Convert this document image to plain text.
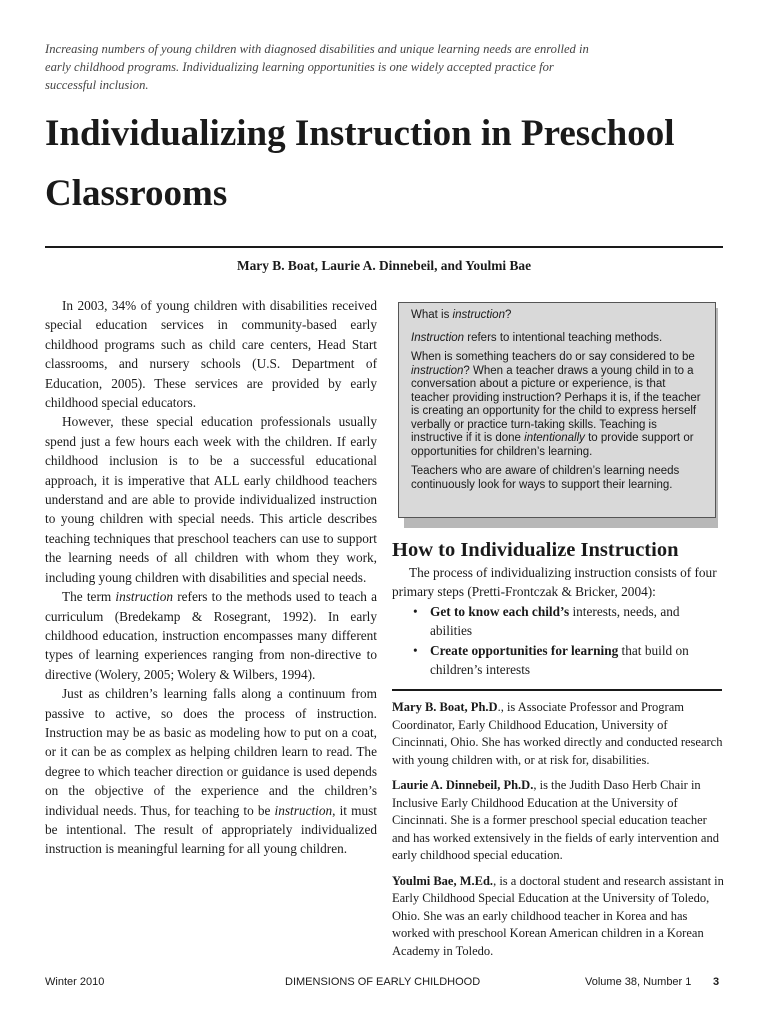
Increasing numbers of young children with diagnosed disabilities and unique learning needs are enrolled in early childhood programs. Individualizing learning opportunities is one widely accepted practice for successful inclusion.
Individualizing Instruction in Preschool Classrooms
Mary B. Boat, Laurie A. Dinnebeil, and Youlmi Bae

In 2003, 34% of young children with disabilities received special education services in community-based early childhood programs such as child care centers, Head Start classrooms, and nursery schools (U.S. Department of Education, 2005). These services are provided by early childhood special educators.

However, these special education professionals usually spend just a few hours each week with the children. If early childhood inclusion is to be a successful educational approach, it is imperative that ALL early childhood teachers understand and are able to provide individualized instruction to young children with special needs. This article describes teaching techniques that preschool teachers can use to support the learning needs of all children with whom they work, including young children with disabilities and special needs.

The term instruction refers to the methods used to teach a curriculum (Bredekamp & Rosegrant, 1992). In early childhood education, instruction encompasses many different types of learning experiences ranging from non-directive to directive (Wolery, 2005; Wolery & Wilbers, 1994).

Just as children’s learning falls along a continuum from passive to active, so does the process of instruction. Instruction may be as basic as modeling how to put on a coat, or it can be as complex as helping children learn to read. The degree to which teacher direction or guidance is used depends on the objective of the experience and the children’s individual needs. Thus, for teaching to be instruction, it must be intentional. The result of appropriately individualized instruction is meaningful learning for all young children.

What is instruction?

Instruction refers to intentional teaching methods.

When is something teachers do or say considered to be instruction? When a teacher draws a young child in to a conversation about a picture or experience, is that teacher providing instruction? Perhaps it is, if the teacher is creating an opportunity for the child to express herself verbally or practice turn-taking skills. Teaching is instructive if it is done intentionally to provide support or opportunities for children’s learning.

Teachers who are aware of children’s learning needs continuously look for ways to support their learning.

How to Individualize Instruction

The process of individualizing instruction consists of four primary steps (Pretti-Frontczak & Bricker, 2004):

• Get to know each child’s interests, needs, and abilities
• Create opportunities for learning that build on children’s interests

Mary B. Boat, Ph.D., is Associate Professor and Program Coordinator, Early Childhood Education, University of Cincinnati, Ohio. She has worked directly and conducted research with young children with, or at risk for, disabilities.

Laurie A. Dinnebeil, Ph.D., is the Judith Daso Herb Chair in Inclusive Early Childhood Education at the University of Cincinnati. She is a former preschool special education teacher and has worked extensively in the fields of early intervention and early childhood special education.

Youlmi Bae, M.Ed., is a doctoral student and research assistant in Early Childhood Special Education at the University of Toledo, Ohio. She was an early childhood teacher in Korea and has worked with preschool Korean American children in a Korean Academy in Toledo.

Winter 2010	DIMENSIONS OF EARLY CHILDHOOD	Volume 38, Number 1 3
